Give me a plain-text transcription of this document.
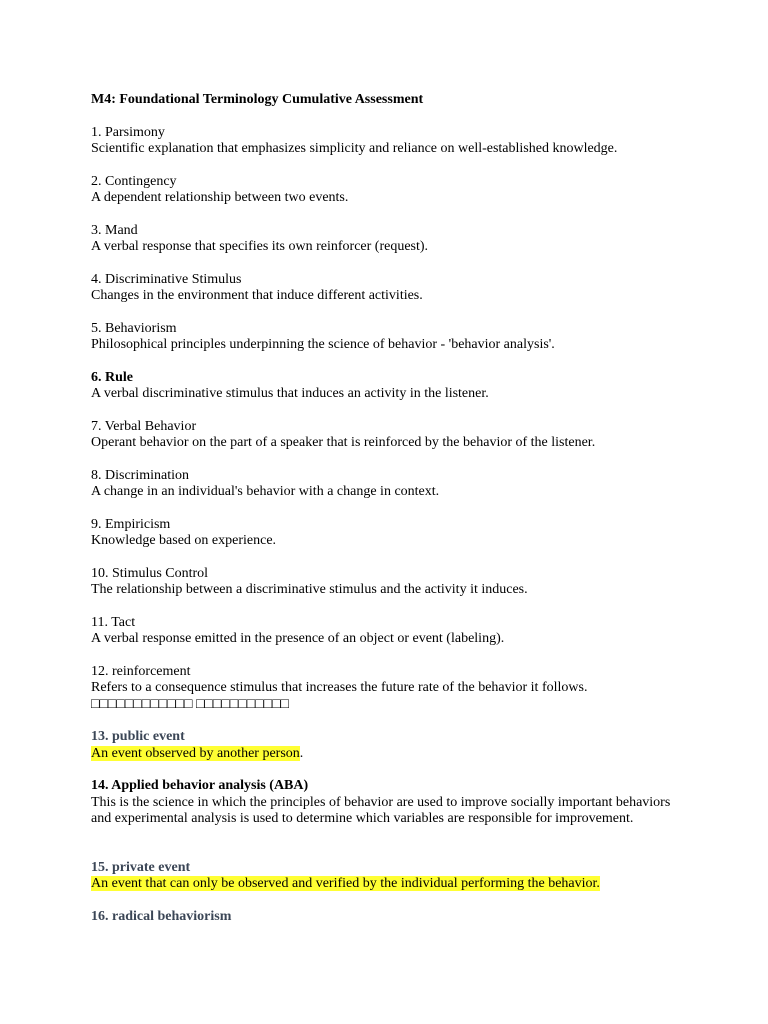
M4: Foundational Terminology Cumulative Assessment

1. Parsimony

Scientific explanation that emphasizes simplicity and reliance on well-established knowledge.

2. Contingency

A dependent relationship between two events.

3. Mand

A verbal response that specifies its own reinforcer (request).

4. Discriminative Stimulus

Changes in the environment that induce different activities.

5. Behaviorism

Philosophical principles underpinning the science of behavior - 'behavior analysis'.

6. Rule

A verbal discriminative stimulus that induces an activity in the listener.

7. Verbal Behavior

Operant behavior on the part of a speaker that is reinforced by the behavior of the listener.

8. Discrimination

A change in an individual's behavior with a change in context.

9. Empiricism

Knowledge based on experience.

10. Stimulus Control

The relationship between a discriminative stimulus and the activity it induces.

11. Tact

A verbal response emitted in the presence of an object or event (labeling).

12. reinforcement

Refers to a consequence stimulus that increases the future rate of the behavior it follows. □□□□□□□□□□□□ □□□□□□□□□□□

13. public event

An event observed by another person.

14. Applied behavior analysis (ABA)

This is the science in which the principles of behavior are used to improve socially important behaviors and experimental analysis is used to determine which variables are responsible for improvement.

15. private event

An event that can only be observed and verified by the individual performing the behavior.

16. radical behaviorism
